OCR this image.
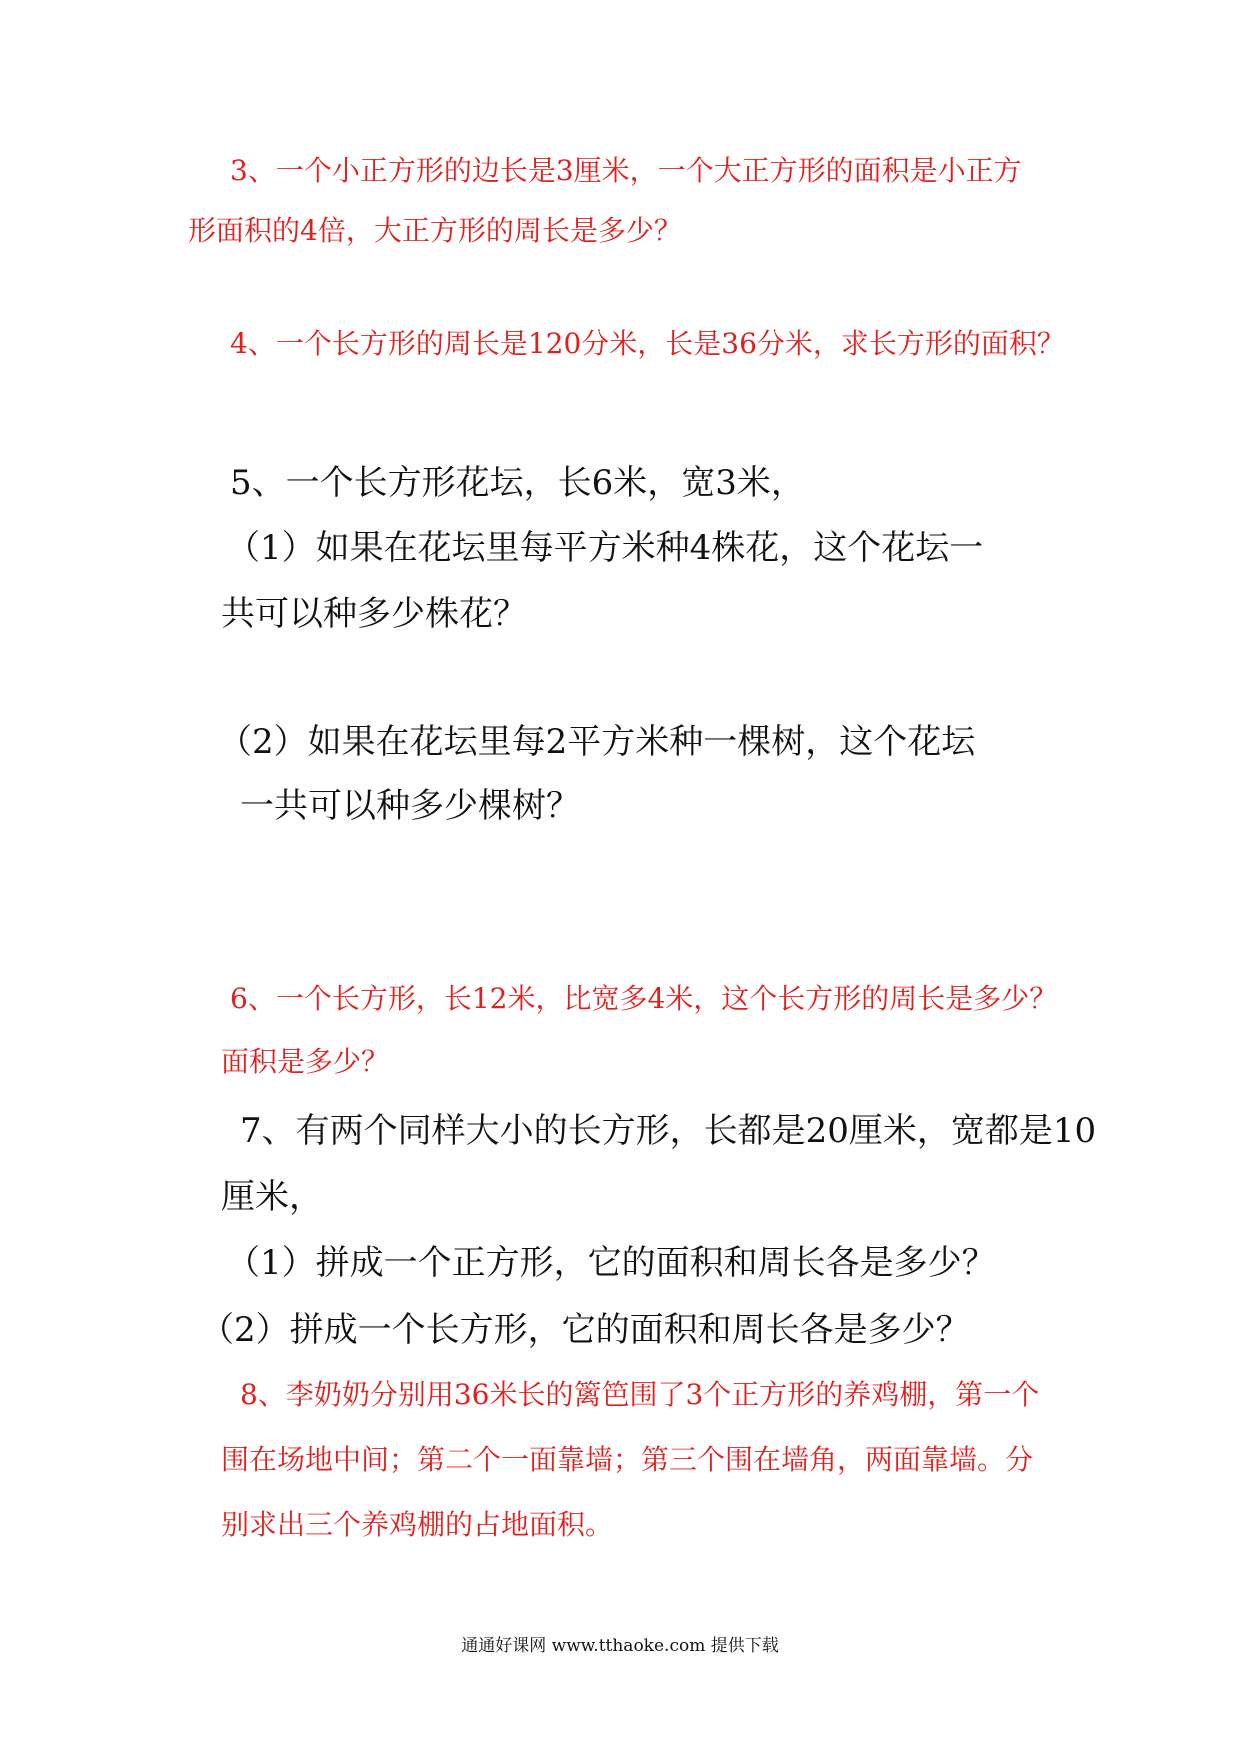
3、一个小正方形的边长是3厘米，一个大正方形的面积是小正方
形面积的4倍，大正方形的周长是多少？
4、一个长方形的周长是120分米，长是36分米，求长方形的面积？
5、一个长方形花坛，长6米，宽3米，
（1）如果在花坛里每平方米种4株花，这个花坛一
共可以种多少株花？
（2）如果在花坛里每2平方米种一棵树，这个花坛
一共可以种多少棵树？
6、一个长方形，长12米，比宽多4米，这个长方形的周长是多少？
面积是多少？
7、有两个同样大小的长方形，长都是20厘米，宽都是10
厘米，
（1）拼成一个正方形，它的面积和周长各是多少？
（2）拼成一个长方形，它的面积和周长各是多少？
8、李奶奶分别用36米长的篱笆围了3个正方形的养鸡棚，第一个
围在场地中间；第二个一面靠墙；第三个围在墙角，两面靠墙。分
别求出三个养鸡棚的占地面积。
通通好课网 www.tthaoke.com 提供下载
